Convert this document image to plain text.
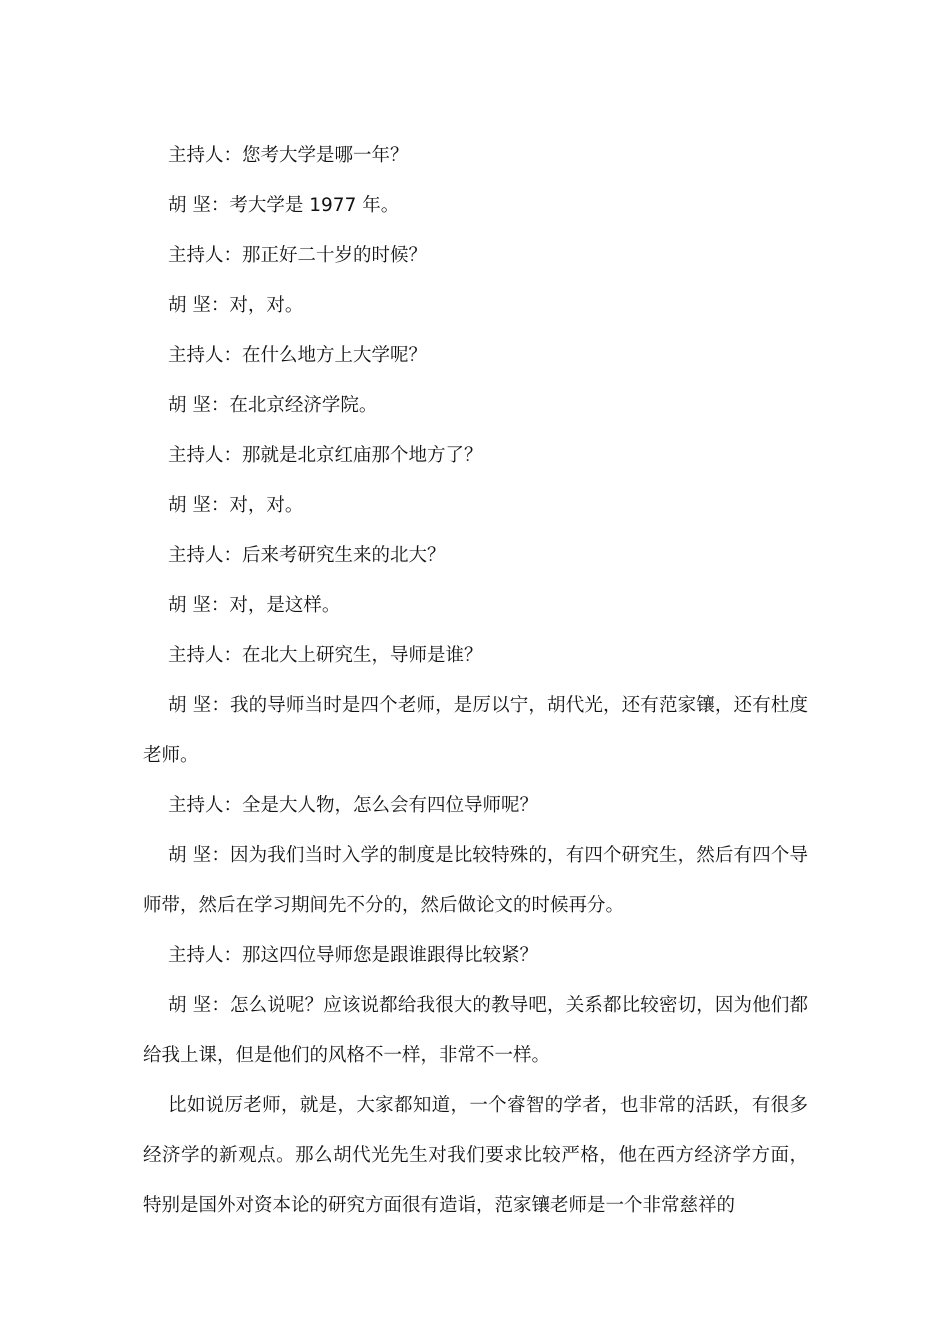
主持人：您考大学是哪一年？

胡 坚：考大学是 1977 年。

主持人：那正好二十岁的时候？

胡 坚：对，对。

主持人：在什么地方上大学呢？

胡 坚：在北京经济学院。

主持人：那就是北京红庙那个地方了？

胡 坚：对，对。

主持人：后来考研究生来的北大？

胡 坚：对，是这样。

主持人：在北大上研究生，导师是谁？

胡 坚：我的导师当时是四个老师，是厉以宁，胡代光，还有范家镶，还有杜度老师。

主持人：全是大人物，怎么会有四位导师呢？

胡 坚：因为我们当时入学的制度是比较特殊的，有四个研究生，然后有四个导师带，然后在学习期间先不分的，然后做论文的时候再分。

主持人：那这四位导师您是跟谁跟得比较紧？

胡 坚：怎么说呢？应该说都给我很大的教导吧，关系都比较密切，因为他们都给我上课，但是他们的风格不一样，非常不一样。

比如说厉老师，就是，大家都知道，一个睿智的学者，也非常的活跃，有很多经济学的新观点。那么胡代光先生对我们要求比较严格，他在西方经济学方面，特别是国外对资本论的研究方面很有造诣，范家镶老师是一个非常慈祥的
